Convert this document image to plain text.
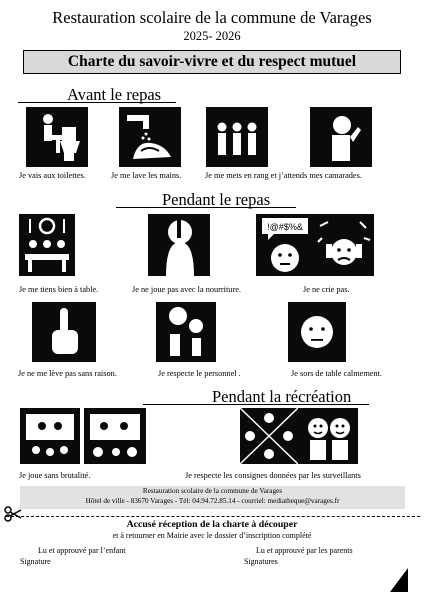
Restauration scolaire de la commune de Varages
2025- 2026
Charte du savoir-vivre et du respect mutuel
Avant le repas
Je vais aux toilettes.	Je me lave les mains.	Je me mets en rang et j’attends mes camarades.
Pendant le repas
Je me tiens bien à table.	Je ne joue pas avec la nourriture.
!@#$%&
Je ne crie pas.
Je ne me lève pas sans raison.	Je respecte le personnel .	Je sors de table calmement.
Pendant la récréation
Je joue sans brutalité.	Je respecte les consignes données par les surveillants
Restauration scolaire de la commune de Varages
Hôtel de ville - 83670 Varages - Tél: 04.94.72.85.14 - courriel: mediatheque@varages.fr
Accusé réception de la charte à découper
et à retourner en Mairie avec le dossier d’inscription complété
Lu et approuvé par l’enfant
Signature
Lu et approuvé par les parents
Signatures
